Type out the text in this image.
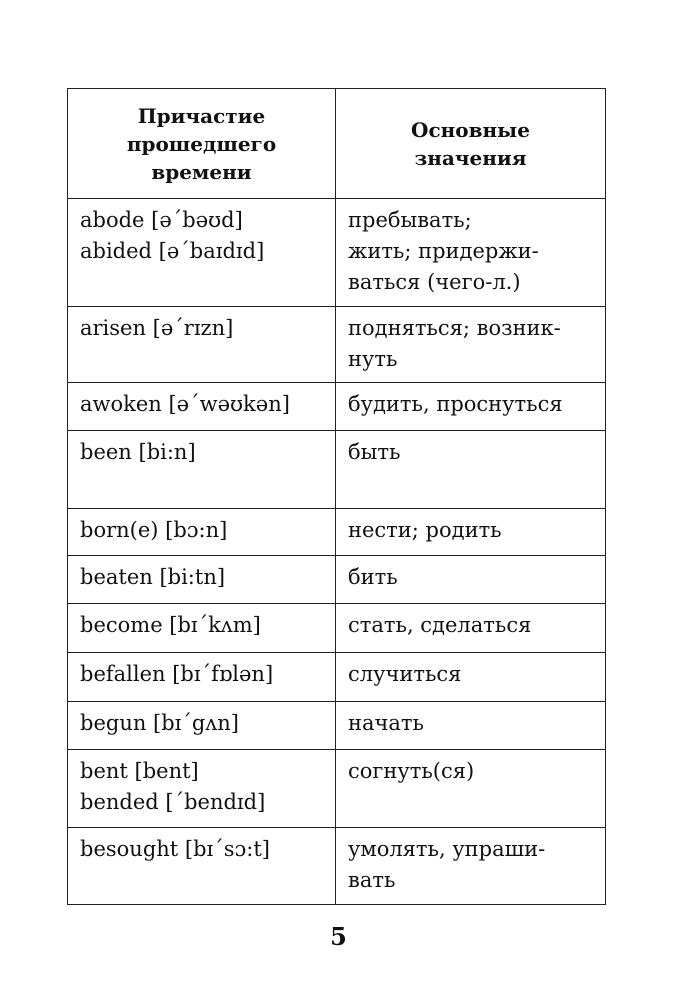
Причастие
прошедшего
времени	Основные
значения

abode [əˊbəʊd]
abided [əˊbaɪdɪd]	пребывать;
жить; придержи-
ваться (чего-л.)

arisen [əˊrɪzn]	подняться; возник-
нуть

awoken [əˊwəʊkən]	будить, проснуться

been [bi:n]	быть

born(e) [bɔ:n]	нести; родить

beaten [bi:tn]	бить

become [bɪˊkʌm]	стать, сделаться

befallen [bɪˊfɒlən]	случиться

begun [bɪˊgʌn]	начать

bent [bent]
bended [ˊbendɪd]	согнуть(ся)

besought [bɪˊsɔ:t]	умолять, упраши-
вать
5
